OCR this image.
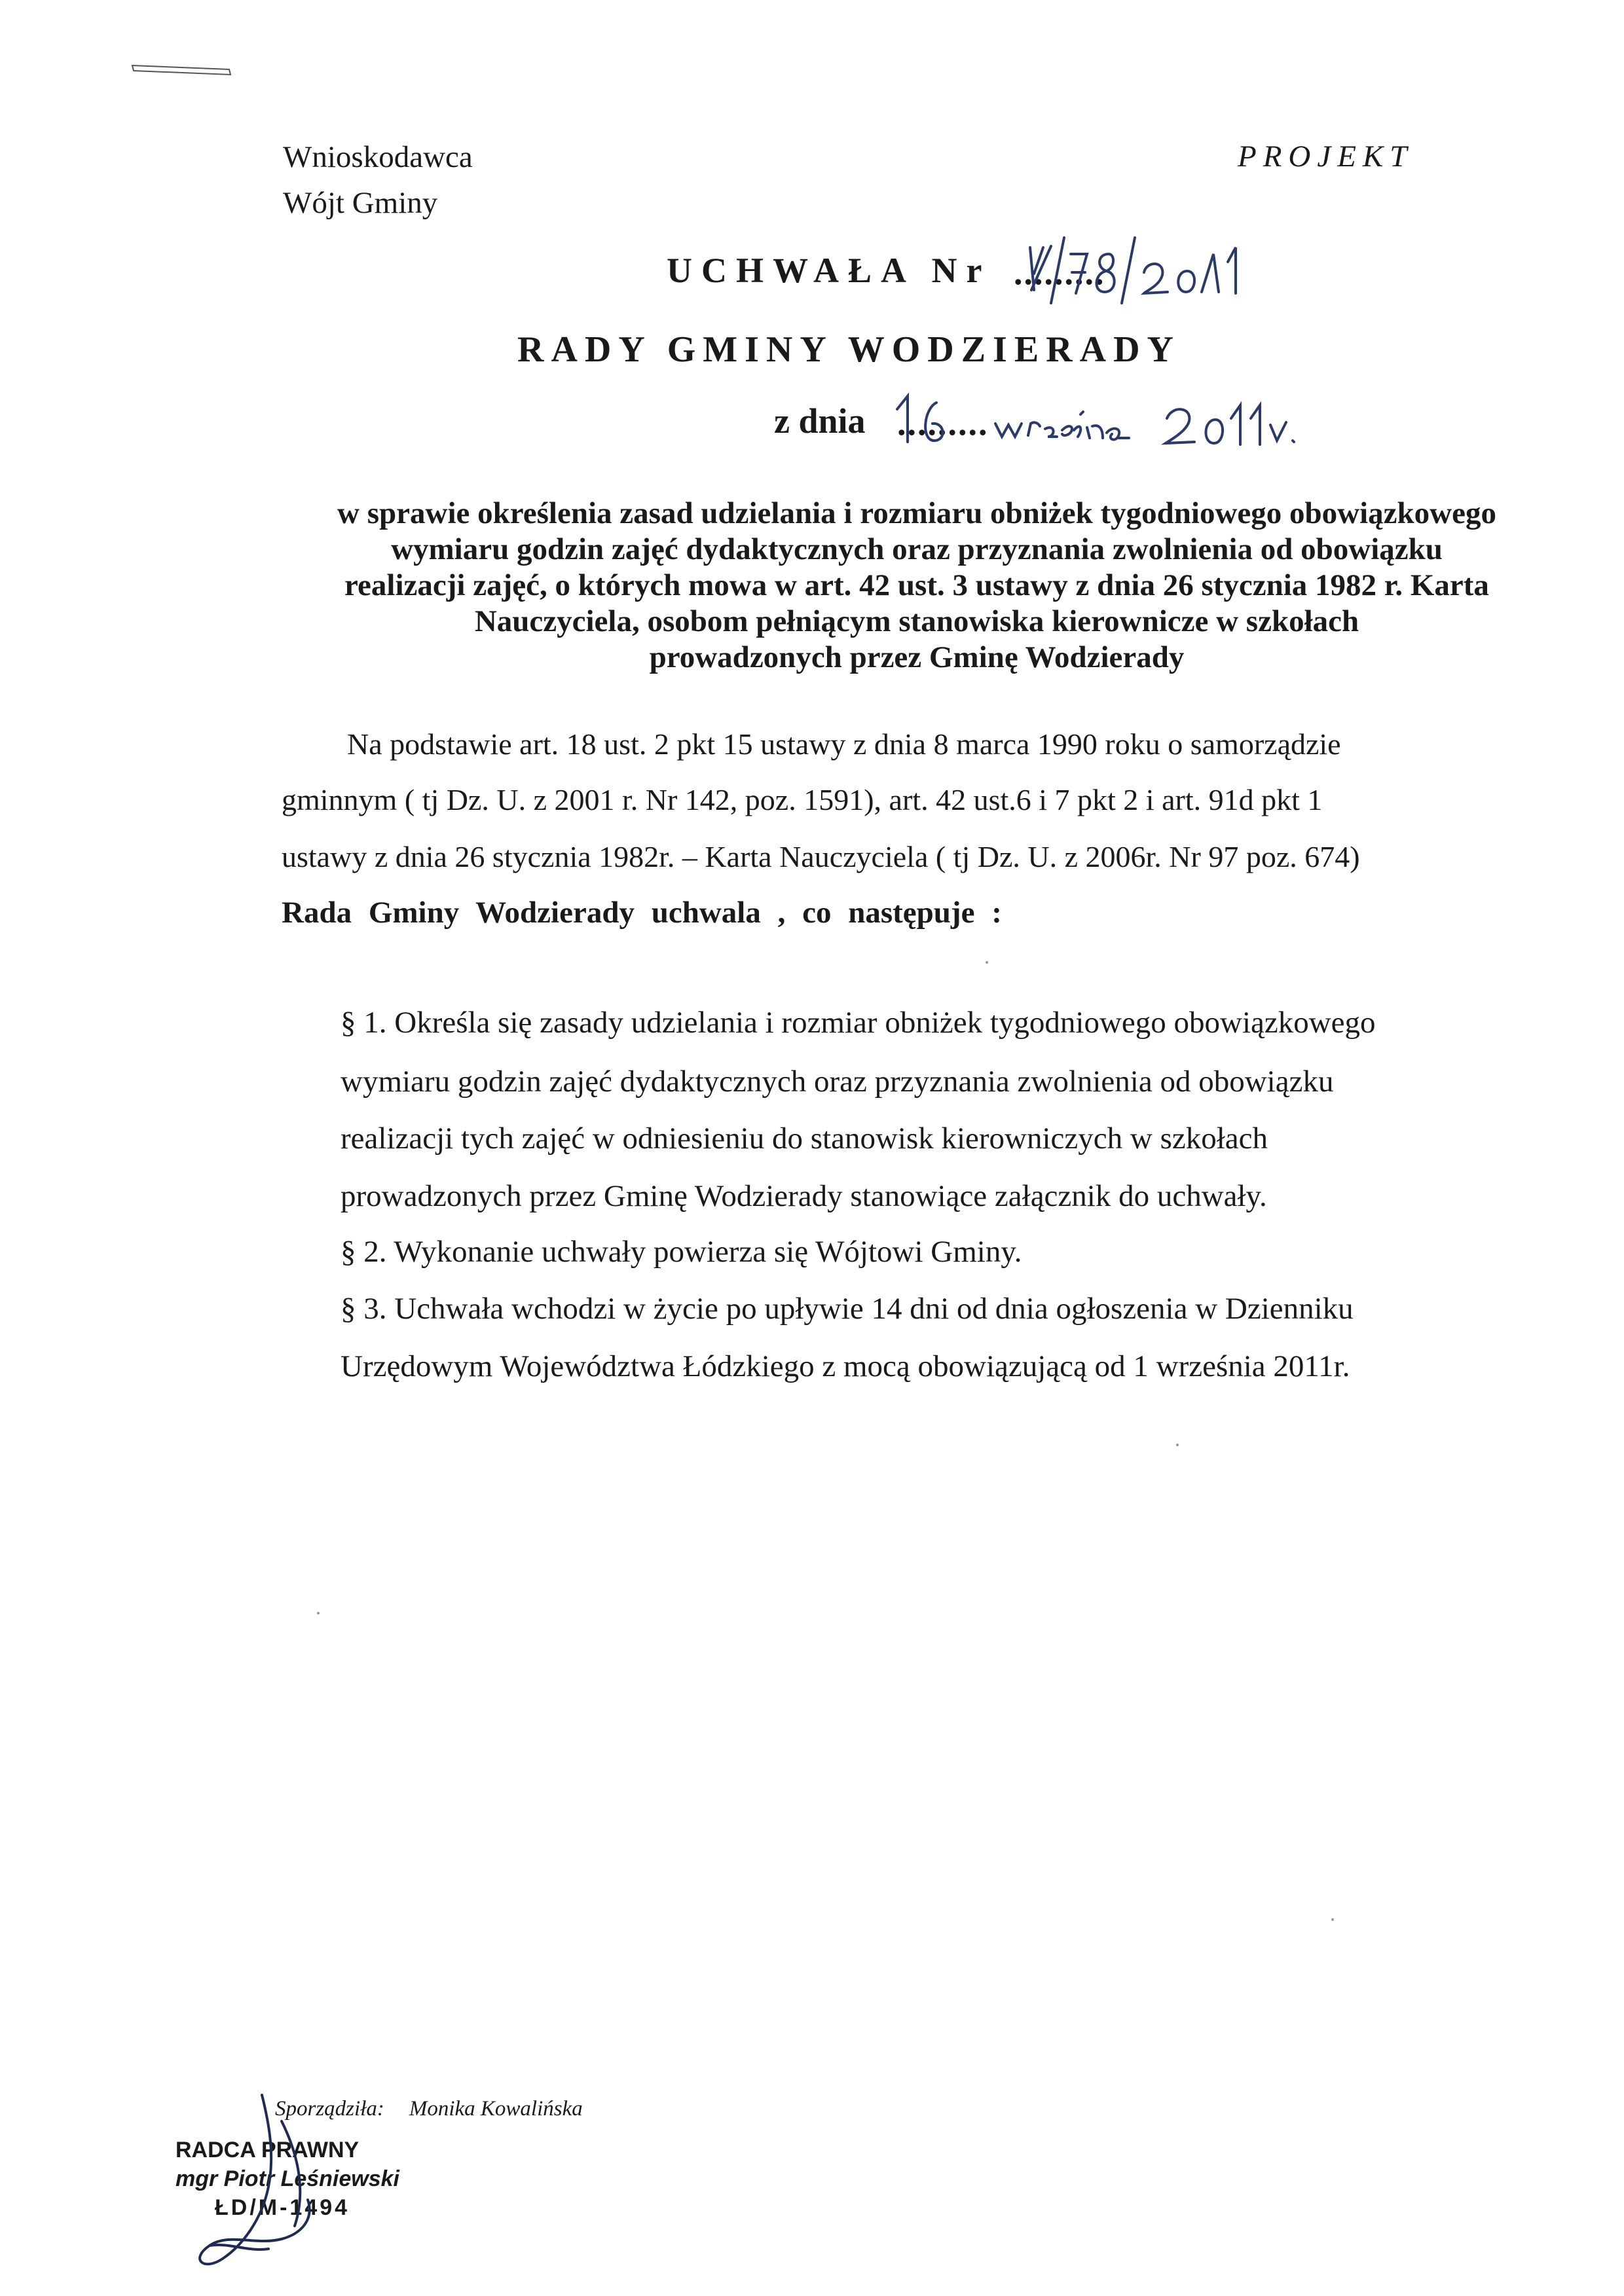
Wnioskodawca
Wójt Gminy
PROJEKT
UCHWAŁA Nr .........
RADY GMINY WODZIERADY
z dnia .........

w sprawie określenia zasad udzielania i rozmiaru obniżek tygodniowego obowiązkowego

wymiaru godzin zajęć dydaktycznych oraz przyznania zwolnienia od obowiązku

realizacji zajęć, o których mowa w art. 42 ust. 3 ustawy z dnia 26 stycznia 1982 r. Karta

Nauczyciela, osobom pełniącym stanowiska kierownicze w szkołach

prowadzonych przez Gminę Wodzierady

Na podstawie art. 18 ust. 2 pkt 15 ustawy z dnia 8 marca 1990 roku o samorządzie
gminnym ( tj Dz. U. z 2001 r. Nr 142, poz. 1591), art. 42 ust.6 i 7 pkt 2 i art. 91d pkt 1
ustawy z dnia 26 stycznia 1982r. – Karta Nauczyciela ( tj Dz. U. z 2006r. Nr 97 poz. 674)
Rada Gminy Wodzierady uchwala , co następuje :
§ 1. Określa się zasady udzielania i rozmiar obniżek tygodniowego obowiązkowego
wymiaru godzin zajęć dydaktycznych oraz przyznania zwolnienia od obowiązku
realizacji tych zajęć w odniesieniu do stanowisk kierowniczych w szkołach
prowadzonych przez Gminę Wodzierady stanowiące załącznik do uchwały.
§ 2. Wykonanie uchwały powierza się Wójtowi Gminy.
§ 3. Uchwała wchodzi w życie po upływie 14 dni od dnia ogłoszenia w Dzienniku
Urzędowym Województwa Łódzkiego z mocą obowiązującą od 1 września 2011r.
Sporządziła: Monika Kowalińska
RADCA PRAWNY
mgr Piotr Leśniewski
ŁD/M-1494
